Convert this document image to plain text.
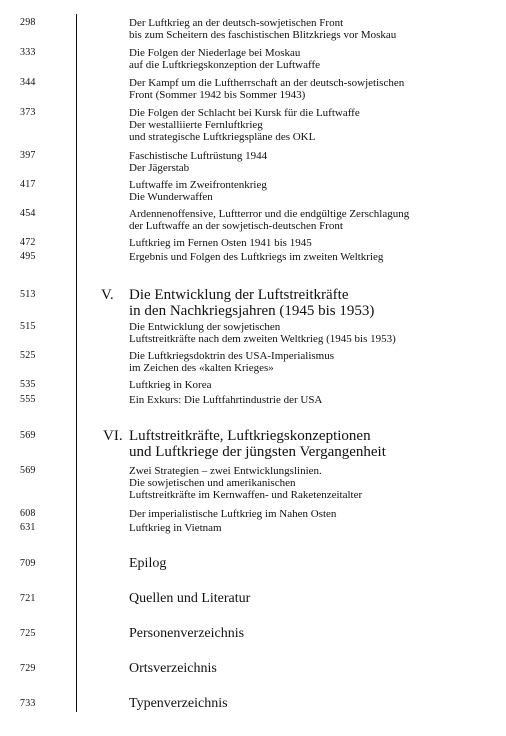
298	Der Luftkrieg an der deutsch-sowjetischen Front
bis zum Scheitern des faschistischen Blitzkriegs vor Moskau
333	Die Folgen der Niederlage bei Moskau
auf die Luftkriegskonzeption der Luftwaffe
344	Der Kampf um die Luftherrschaft an der deutsch-sowjetischen
Front (Sommer 1942 bis Sommer 1943)
373	Die Folgen der Schlacht bei Kursk für die Luftwaffe
Der westalliierte Fernluftkrieg
und strategische Luftkriegspläne des OKL
397	Faschistische Luftrüstung 1944
Der Jägerstab
417	Luftwaffe im Zweifrontenkrieg
Die Wunderwaffen
454	Ardennenoffensive, Luftterror und die endgültige Zerschlagung
der Luftwaffe an der sowjetisch-deutschen Front
472	Luftkrieg im Fernen Osten 1941 bis 1945
495	Ergebnis und Folgen des Luftkriegs im zweiten Weltkrieg
513	V. Die Entwicklung der Luftstreitkräfte
in den Nachkriegsjahren (1945 bis 1953)
515	Die Entwicklung der sowjetischen
Luftstreitkräfte nach dem zweiten Weltkrieg (1945 bis 1953)
525	Die Luftkriegsdoktrin des USA-Imperialismus
im Zeichen des «kalten Krieges»
535	Luftkrieg in Korea
555	Ein Exkurs: Die Luftfahrtindustrie der USA
569	VI. Luftstreitkräfte, Luftkriegskonzeptionen
und Luftkriege der jüngsten Vergangenheit
569	Zwei Strategien – zwei Entwicklungslinien.
Die sowjetischen und amerikanischen
Luftstreitkräfte im Kernwaffen- und Raketenzeitalter
608	Der imperialistische Luftkrieg im Nahen Osten
631	Luftkrieg in Vietnam
709	Epilog
721	Quellen und Literatur
725	Personenverzeichnis
729	Ortsverzeichnis
733	Typenverzeichnis
